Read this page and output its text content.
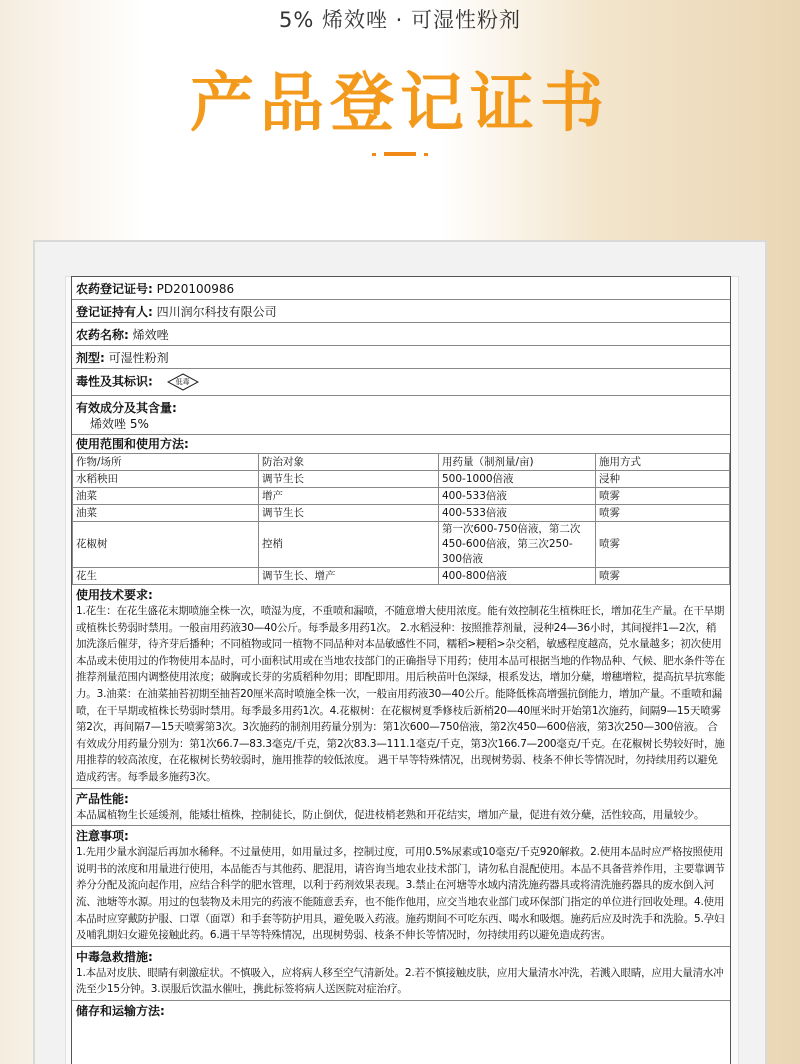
5% 烯效唑 · 可湿性粉剂
产品登记证书
农药登记证号: PD20100986
登记证持有人: 四川润尔科技有限公司
农药名称: 烯效唑
剂型: 可湿性粉剂
毒性及其标识:	低毒
有效成分及其含量:
烯效唑 5%
使用范围和使用方法:
作物/场所	防治对象	用药量（制剂量/亩)	施用方式
水稻秧田	调节生长	500-1000倍液	浸种
油菜	增产	400-533倍液	喷雾
油菜	调节生长	400-533倍液	喷雾
花椒树	控梢	第一次600-750倍液，第二次450-600倍液，第三次250-300倍液	喷雾
花生	调节生长、增产	400-800倍液	喷雾
使用技术要求:
1.花生：在花生盛花末期喷施全株一次，喷湿为度，不重喷和漏喷，不随意增大使用浓度。能有效控制花生植株旺长，增加花生产量。在干旱期或植株长势弱时禁用。一般亩用药液30—40公斤。每季最多用药1次。 2.水稻浸种：按照推荐剂量，浸种24—36小时，其间搅拌1—2次，稍加洗涤后催芽，待齐芽后播种；不同植物或同一植物不同品种对本品敏感性不同，糯稻>粳稻>杂交稻，敏感程度越高，兑水量越多；初次使用本品或未使用过的作物使用本品时，可小面积试用或在当地农技部门的正确指导下用药；使用本品可根据当地的作物品种、气候、肥水条件等在推荐剂量范围内调整使用浓度；破胸或长芽的劣质稻种勿用；即配即用。用后秧苗叶色深绿，根系发达，增加分蘖，增穗增粒，提高抗旱抗寒能力。3.油菜：在油菜抽苔初期至抽苔20厘米高时喷施全株一次，一般亩用药液30—40公斤。能降低株高增强抗倒能力，增加产量。不重喷和漏喷，在干旱期或植株长势弱时禁用。每季最多用药1次。4.花椒树：在花椒树夏季修枝后新梢20—40厘米时开始第1次施药，间隔9—15天喷雾第2次，再间隔7—15天喷雾第3次。3次施药的制剂用药量分别为：第1次600—750倍液，第2次450—600倍液，第3次250—300倍液。 合有效成分用药量分别为：第1次66.7—83.3毫克/千克，第2次83.3—111.1毫克/千克，第3次166.7—200毫克/千克。在花椒树长势较好时，施用推荐的较高浓度，在花椒树长势较弱时，施用推荐的较低浓度。 遇干旱等特殊情况，出现树势弱、枝条不伸长等情况时，勿持续用药以避免造成药害。每季最多施药3次。
产品性能:
本品属植物生长延缓剂，能矮壮植株，控制徒长，防止倒伏，促进枝梢老熟和开花结实，增加产量，促进有效分蘖，活性较高，用量较少。
注意事项:
1.先用少量水润湿后再加水稀释。不过量使用，如用量过多，控制过度，可用0.5%尿素或10毫克/千克920解救。2.使用本品时应严格按照使用说明书的浓度和用量进行使用，本品能否与其他药、肥混用，请咨询当地农业技术部门，请勿私自混配使用。本品不具备营养作用，主要靠调节养分分配及流向起作用，应结合科学的肥水管理，以利于药剂效果表现。3.禁止在河塘等水域内清洗施药器具或将清洗施药器具的废水倒入河流、池塘等水源。用过的包装物及未用完的药液不能随意丢弃，也不能作他用，应交当地农业部门或环保部门指定的单位进行回收处理。4.使用本品时应穿戴防护服、口罩（面罩）和手套等防护用具，避免吸入药液。施药期间不可吃东西、喝水和吸烟。施药后应及时洗手和洗脸。5.孕妇及哺乳期妇女避免接触此药。6.遇干旱等特殊情况，出现树势弱、枝条不伸长等情况时，勿持续用药以避免造成药害。
中毒急救措施:
1.本品对皮肤、眼睛有刺激症状。不慎吸入，应将病人移至空气清新处。2.若不慎接触皮肤，应用大量清水冲洗，若溅入眼睛，应用大量清水冲洗至少15分钟。3.误服后饮温水催吐，携此标签将病人送医院对症治疗。
储存和运输方法:
